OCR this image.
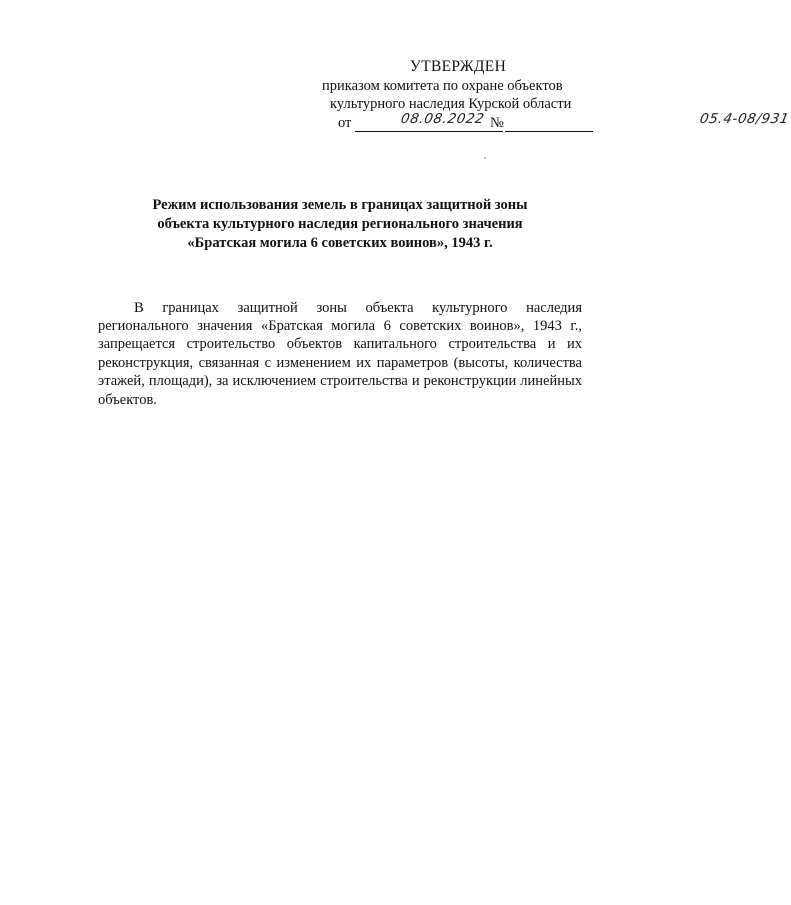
УТВЕРЖДЕН
приказом комитета по охране объектов
культурного наследия Курской области
от	08.08.2022 №	05.4-08/931
Режим использования земель в границах защитной зоны
объекта культурного наследия регионального значения
«Братская могила 6 советских воинов», 1943 г.

В границах защитной зоны объекта культурного наследия регионального значения «Братская могила 6 советских воинов», 1943 г., запрещается строительство объектов капитального строительства и их реконструкция, связанная с изменением их параметров (высоты, количества этажей, площади), за исключением строительства и реконструкции линейных объектов.
